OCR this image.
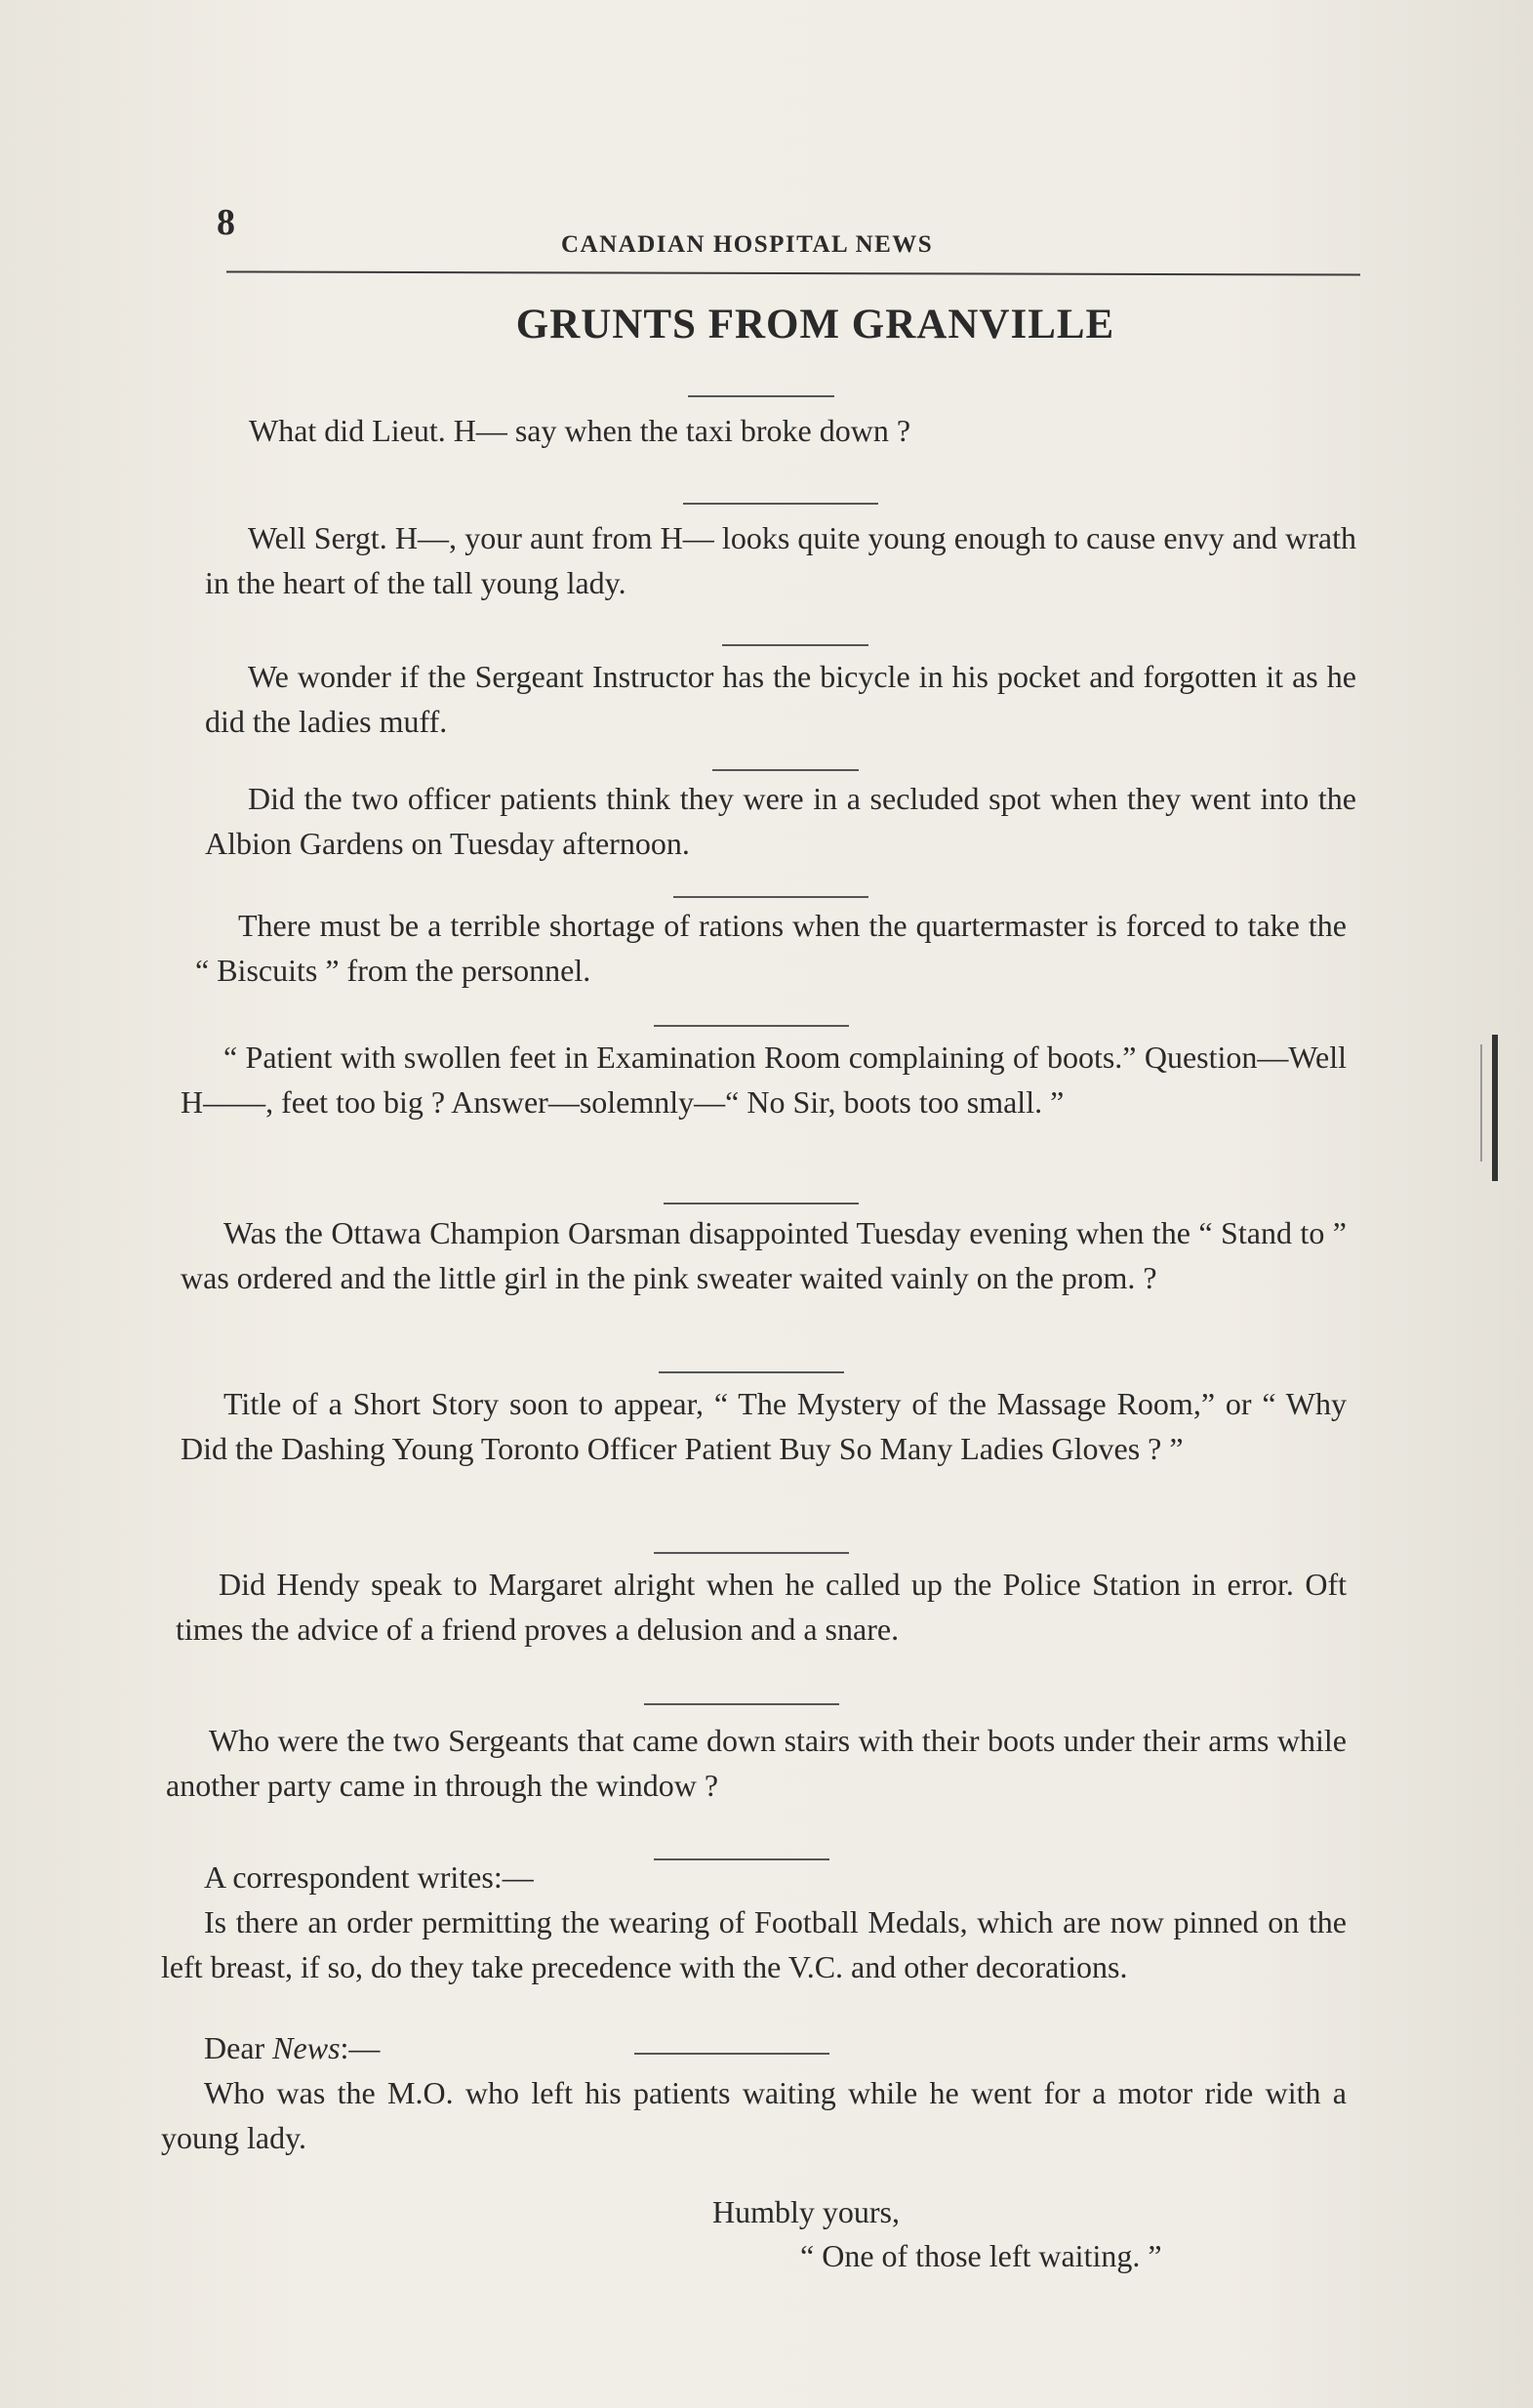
8
CANADIAN HOSPITAL NEWS
GRUNTS FROM GRANVILLE
What did Lieut. H— say when the taxi broke down ?
Well Sergt. H—, your aunt from H— looks quite young enough to cause envy and wrath in the heart of the tall young lady.
We wonder if the Sergeant Instructor has the bicycle in his pocket and forgotten it as he did the ladies muff.
Did the two officer patients think they were in a secluded spot when they went into the Albion Gardens on Tuesday afternoon.
There must be a terrible shortage of rations when the quartermaster is forced to take the “ Biscuits ” from the personnel.
“ Patient with swollen feet in Examination Room complaining of boots.” Question—Well H——, feet too big ? Answer—solemnly—“ No Sir, boots too small. ”
Was the Ottawa Champion Oarsman disappointed Tuesday evening when the “ Stand to ” was ordered and the little girl in the pink sweater waited vainly on the prom. ?
Title of a Short Story soon to appear, “ The Mystery of the Massage Room,” or “ Why Did the Dashing Young Toronto Officer Patient Buy So Many Ladies Gloves ? ”
Did Hendy speak to Margaret alright when he called up the Police Station in error. Oft times the advice of a friend proves a delusion and a snare.
Who were the two Sergeants that came down stairs with their boots under their arms while another party came in through the window ?
A correspondent writes:—
Is there an order permitting the wearing of Football Medals, which are now pinned on the left breast, if so, do they take precedence with the V.C. and other decorations.
Dear News:—
Who was the M.O. who left his patients waiting while he went for a motor ride with a young lady.
Humbly yours,
“ One of those left waiting. ”
